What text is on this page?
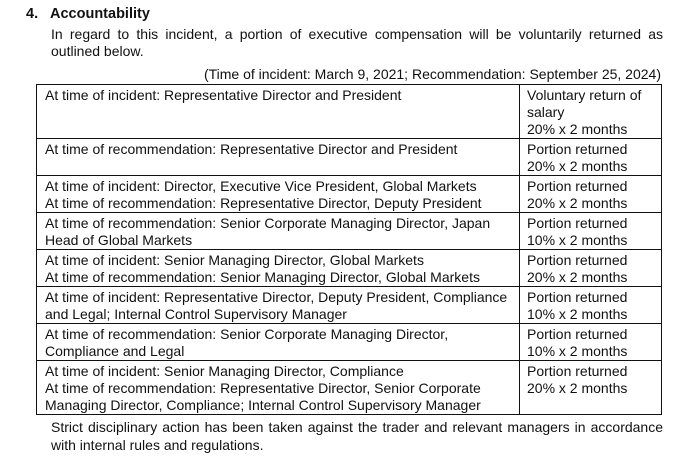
4. Accountability
In regard to this incident, a portion of executive compensation will be voluntarily returned as outlined below.
(Time of incident: March 9, 2021; Recommendation: September 25, 2024)
At time of incident: Representative Director and President	Voluntary return of salary
20% x 2 months

At time of recommendation: Representative Director and President	Portion returned
20% x 2 months

At time of incident: Director, Executive Vice President, Global Markets
At time of recommendation: Representative Director, Deputy President	Portion returned
20% x 2 months

At time of recommendation: Senior Corporate Managing Director, Japan Head of Global Markets	Portion returned
10% x 2 months

At time of incident: Senior Managing Director, Global Markets
At time of recommendation: Senior Managing Director, Global Markets	Portion returned
20% x 2 months

At time of incident: Representative Director, Deputy President, Compliance and Legal; Internal Control Supervisory Manager	Portion returned
10% x 2 months

At time of recommendation: Senior Corporate Managing Director, Compliance and Legal	Portion returned
10% x 2 months

At time of incident: Senior Managing Director, Compliance
At time of recommendation: Representative Director, Senior Corporate Managing Director, Compliance; Internal Control Supervisory Manager	Portion returned
20% x 2 months
Strict disciplinary action has been taken against the trader and relevant managers in accordance with internal rules and regulations.
